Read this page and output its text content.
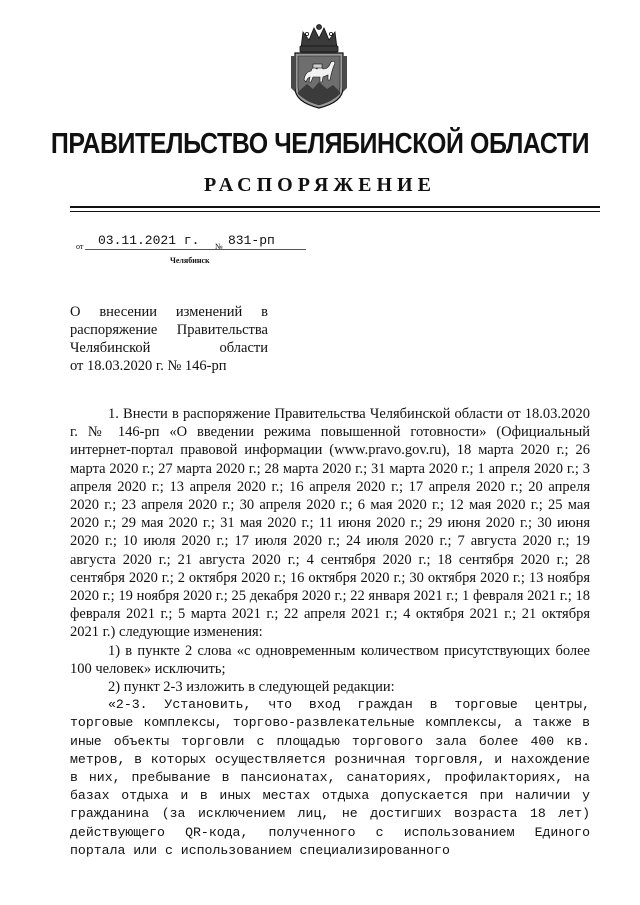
ПРАВИТЕЛЬСТВО ЧЕЛЯБИНСКОЙ ОБЛАСТИ
РАСПОРЯЖЕНИЕ
от 03.11.2021 г. № 831-рп
Челябинск
О внесении изменений в
распоряжение Правительства
Челябинской области
от 18.03.2020 г. № 146-рп

1. Внести в распоряжение Правительства Челябинской области от 18.03.2020 г. № 146-рп «О введении режима повышенной готовности» (Официальный интернет-портал правовой информации (www.pravo.gov.ru), 18 марта 2020 г.; 26 марта 2020 г.; 27 марта 2020 г.; 28 марта 2020 г.; 31 марта 2020 г.; 1 апреля 2020 г.; 3 апреля 2020 г.; 13 апреля 2020 г.; 16 апреля 2020 г.; 17 апреля 2020 г.; 20 апреля 2020 г.; 23 апреля 2020 г.; 30 апреля 2020 г.; 6 мая 2020 г.; 12 мая 2020 г.; 25 мая 2020 г.; 29 мая 2020 г.; 31 мая 2020 г.; 11 июня 2020 г.; 29 июня 2020 г.; 30 июня 2020 г.; 10 июля 2020 г.; 17 июля 2020 г.; 24 июля 2020 г.; 7 августа 2020 г.; 19 августа 2020 г.; 21 августа 2020 г.; 4 сентября 2020 г.; 18 сентября 2020 г.; 28 сентября 2020 г.; 2 октября 2020 г.; 16 октября 2020 г.; 30 октября 2020 г.; 13 ноября 2020 г.; 19 ноября 2020 г.; 25 декабря 2020 г.; 22 января 2021 г.; 1 февраля 2021 г.; 18 февраля 2021 г.; 5 марта 2021 г.; 22 апреля 2021 г.; 4 октября 2021 г.; 21 октября 2021 г.) следующие изменения:

1) в пункте 2 слова «с одновременным количеством присутствующих более 100 человек» исключить;

2) пункт 2-3 изложить в следующей редакции:

«2-3. Установить, что вход граждан в торговые центры, торговые комплексы, торгово-развлекательные комплексы, а также в иные объекты торговли с площадью торгового зала более 400 кв. метров, в которых осуществляется розничная торговля, и нахождение в них, пребывание в пансионатах, санаториях, профилакториях, на базах отдыха и в иных местах отдыха допускается при наличии у гражданина (за исключением лиц, не достигших возраста 18 лет) действующего QR-кода, полученного с использованием Единого портала или с использованием специализированного
